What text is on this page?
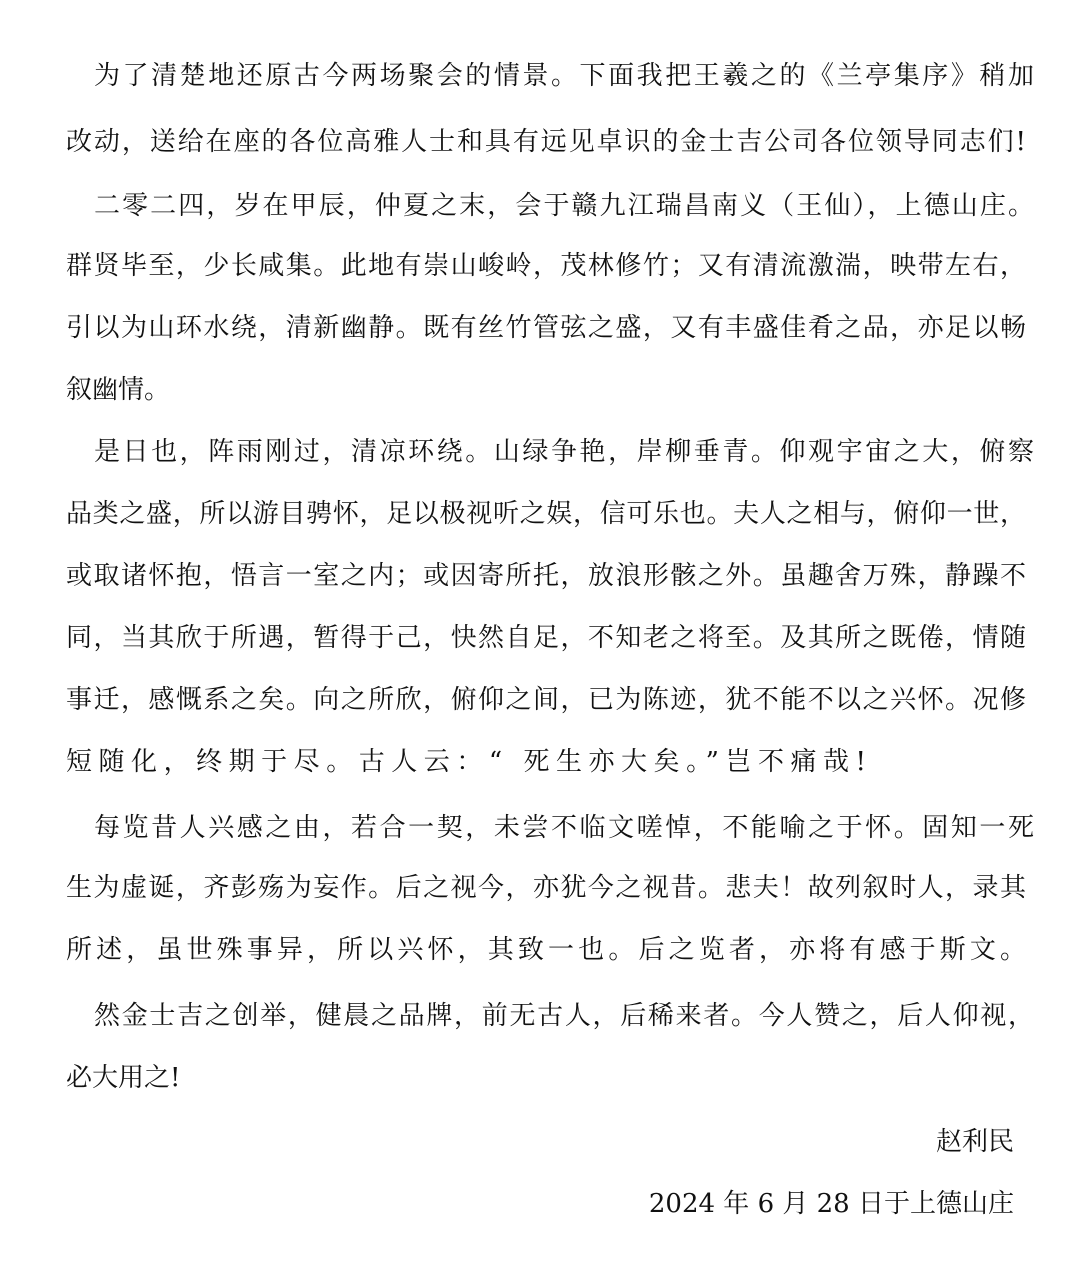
为了清楚地还原古今两场聚会的情景。下面我把王羲之的《兰亭集序》稍加
改动，送给在座的各位高雅人士和具有远见卓识的金士吉公司各位领导同志们!
二零二四，岁在甲辰，仲夏之末，会于赣九江瑞昌南义（王仙），上德山庄。
群贤毕至，少长咸集。此地有崇山峻岭，茂林修竹；又有清流激湍，映带左右，
引以为山环水绕，清新幽静。既有丝竹管弦之盛，又有丰盛佳肴之品，亦足以畅
叙幽情。
是日也，阵雨刚过，清凉环绕。山绿争艳，岸柳垂青。仰观宇宙之大，俯察
品类之盛，所以游目骋怀，足以极视听之娱，信可乐也。夫人之相与，俯仰一世，
或取诸怀抱，悟言一室之内；或因寄所托，放浪形骸之外。虽趣舍万殊，静躁不
同，当其欣于所遇，暂得于己，快然自足，不知老之将至。及其所之既倦，情随
事迁，感慨系之矣。向之所欣，俯仰之间，已为陈迹，犹不能不以之兴怀。况修
短随化，终期于尽。古人云：“ 死生亦大矣。”岂不痛哉!
每览昔人兴感之由，若合一契，未尝不临文嗟悼，不能喻之于怀。固知一死
生为虚诞，齐彭殇为妄作。后之视今，亦犹今之视昔。悲夫！故列叙时人，录其
所述，虽世殊事异，所以兴怀，其致一也。后之览者，亦将有感于斯文。
然金士吉之创举，健晨之品牌，前无古人，后稀来者。今人赞之，后人仰视，
必大用之!
赵利民
2024 年 6 月 28 日于上德山庄
